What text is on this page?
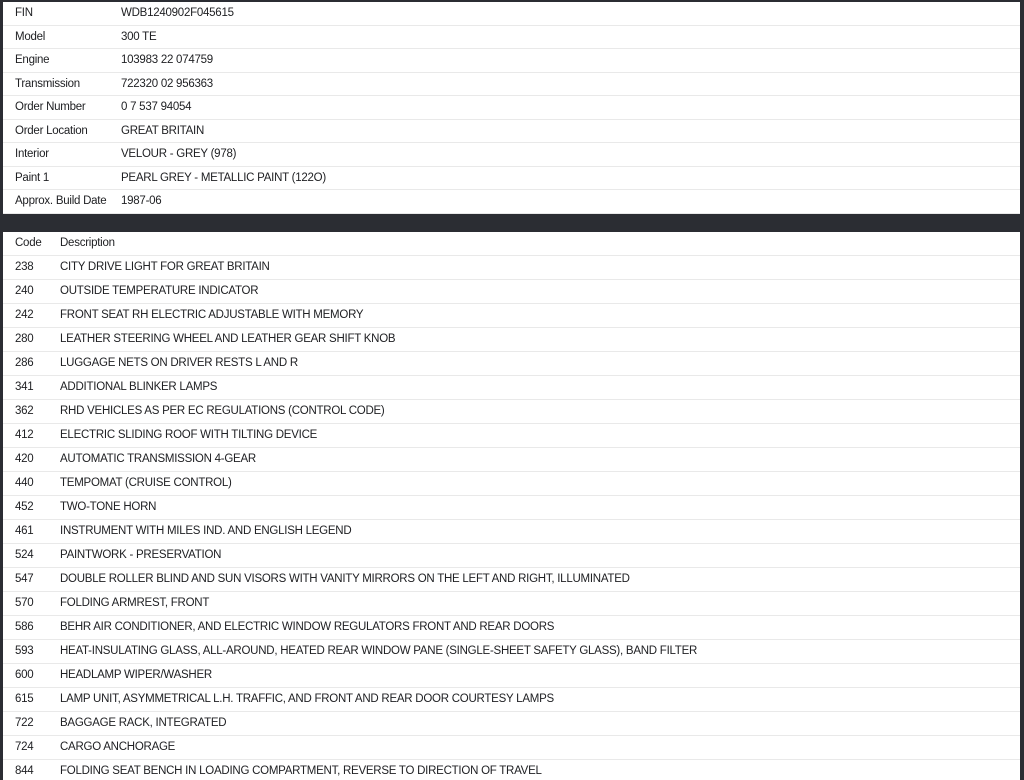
FIN	WDB1240902F045615
Model	300 TE
Engine	103983 22 074759
Transmission	722320 02 956363
Order Number	0 7 537 94054
Order Location	GREAT BRITAIN
Interior	VELOUR - GREY (978)
Paint 1	PEARL GREY - METALLIC PAINT (122O)
Approx. Build Date	1987-06
Code	Description
238	CITY DRIVE LIGHT FOR GREAT BRITAIN
240	OUTSIDE TEMPERATURE INDICATOR
242	FRONT SEAT RH ELECTRIC ADJUSTABLE WITH MEMORY
280	LEATHER STEERING WHEEL AND LEATHER GEAR SHIFT KNOB
286	LUGGAGE NETS ON DRIVER RESTS L AND R
341	ADDITIONAL BLINKER LAMPS
362	RHD VEHICLES AS PER EC REGULATIONS (CONTROL CODE)
412	ELECTRIC SLIDING ROOF WITH TILTING DEVICE
420	AUTOMATIC TRANSMISSION 4-GEAR
440	TEMPOMAT (CRUISE CONTROL)
452	TWO-TONE HORN
461	INSTRUMENT WITH MILES IND. AND ENGLISH LEGEND
524	PAINTWORK - PRESERVATION
547	DOUBLE ROLLER BLIND AND SUN VISORS WITH VANITY MIRRORS ON THE LEFT AND RIGHT, ILLUMINATED
570	FOLDING ARMREST, FRONT
586	BEHR AIR CONDITIONER, AND ELECTRIC WINDOW REGULATORS FRONT AND REAR DOORS
593	HEAT-INSULATING GLASS, ALL-AROUND, HEATED REAR WINDOW PANE (SINGLE-SHEET SAFETY GLASS), BAND FILTER
600	HEADLAMP WIPER/WASHER
615	LAMP UNIT, ASYMMETRICAL L.H. TRAFFIC, AND FRONT AND REAR DOOR COURTESY LAMPS
722	BAGGAGE RACK, INTEGRATED
724	CARGO ANCHORAGE
844	FOLDING SEAT BENCH IN LOADING COMPARTMENT, REVERSE TO DIRECTION OF TRAVEL
